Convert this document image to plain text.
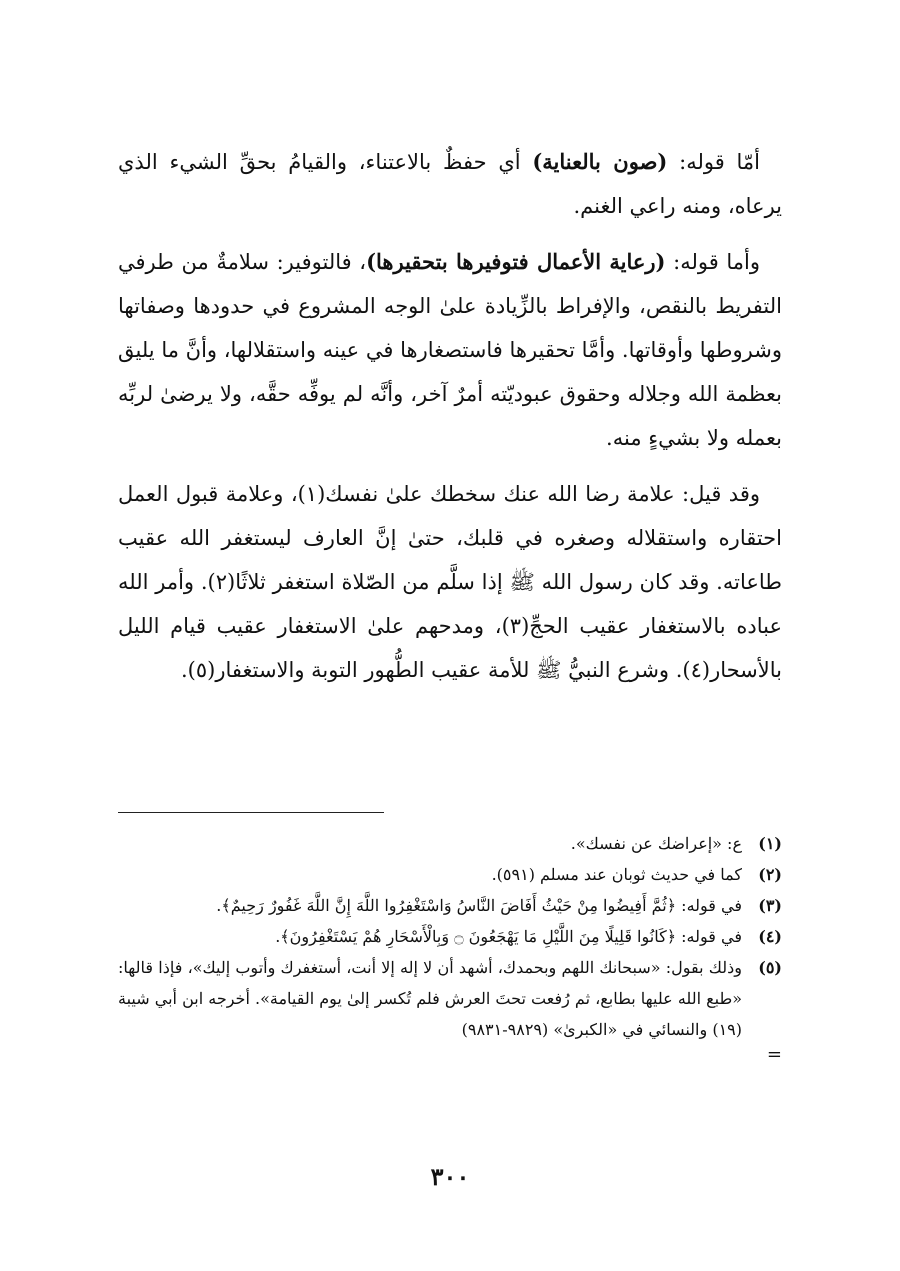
أمّا قوله: (صون بالعناية) أي حفظٌ بالاعتناء، والقيامُ بحقِّ الشيء الذي يرعاه، ومنه راعي الغنم.

وأما قوله: (رعاية الأعمال فتوفيرها بتحقيرها)، فالتوفير: سلامةٌ من طرفي التفريط بالنقص، والإفراط بالزِّيادة علىٰ الوجه المشروع في حدودها وصفاتها وشروطها وأوقاتها. وأمَّا تحقيرها فاستصغارها في عينه واستقلالها، وأنَّ ما يليق بعظمة الله وجلاله وحقوق عبوديّته أمرٌ آخر، وأنَّه لم يوفِّه حقَّه، ولا يرضىٰ لربِّه بعمله ولا بشيءٍ منه.

وقد قيل: علامة رضا الله عنك سخطك علىٰ نفسك(١)، وعلامة قبول العمل احتقاره واستقلاله وصغره في قلبك، حتىٰ إنَّ العارف ليستغفر الله عقيب طاعاته. وقد كان رسول الله ﷺ إذا سلَّم من الصّلاة استغفر ثلاثًا(٢). وأمر الله عباده بالاستغفار عقيب الحجِّ(٣)، ومدحهم علىٰ الاستغفار عقيب قيام الليل بالأسحار(٤). وشرع النبيُّ ﷺ للأمة عقيب الطُّهور التوبة والاستغفار(٥).

(١)
ع: «إعراضك عن نفسك».
(٢)
كما في حديث ثوبان عند مسلم (٥٩١).
(٣)
في قوله: ﴿ثُمَّ أَفِيضُوا مِنْ حَيْثُ أَفَاضَ النَّاسُ وَاسْتَغْفِرُوا اللَّهَ إِنَّ اللَّهَ غَفُورٌ رَحِيمٌ﴾.
(٤)
في قوله: ﴿كَانُوا قَلِيلًا مِنَ اللَّيْلِ مَا يَهْجَعُونَ ۝ وَبِالْأَسْحَارِ هُمْ يَسْتَغْفِرُونَ﴾.
(٥)
وذلك بقول: «سبحانك اللهم وبحمدك، أشهد أن لا إله إلا أنت، أستغفرك وأتوب إليك»، فإذا قالها: «طبع الله عليها بطابع، ثم رُفعت تحتَ العرش فلم تُكسر إلىٰ يوم القيامة». أخرجه ابن أبي شيبة (١٩) والنسائي في «الكبرىٰ» (٩٨٢٩-٩٨٣١)
=
٣٠٠
